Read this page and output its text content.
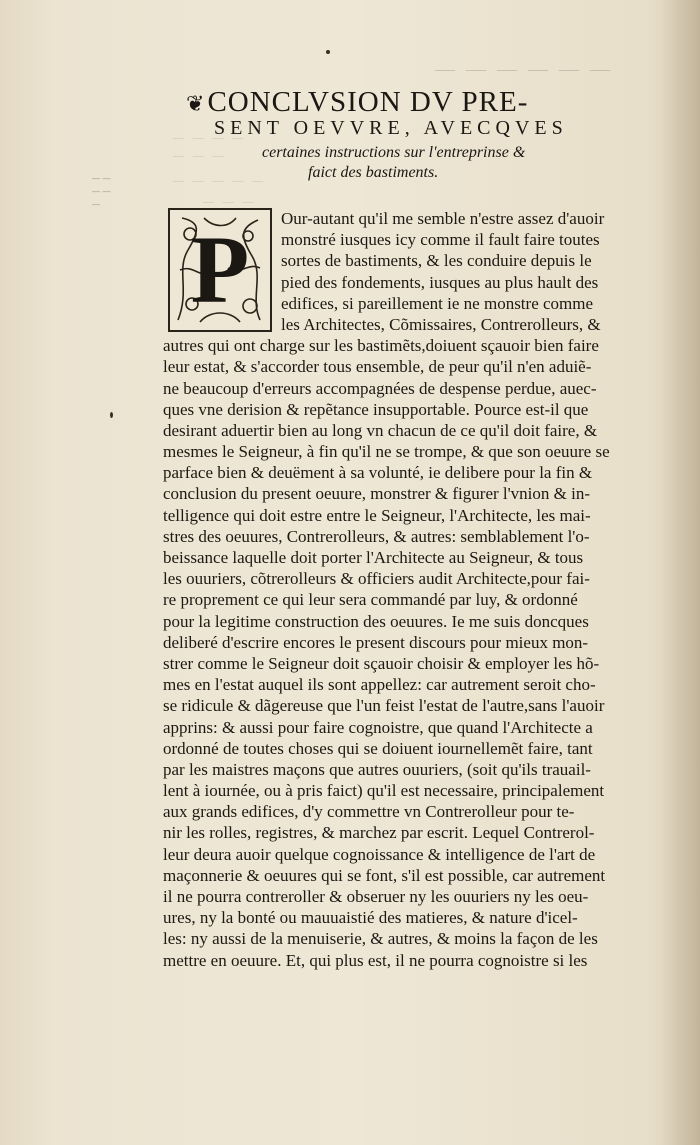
― ― ― ― ― ―
― ― ― ―
― ― ―
― ― ― ― ―
― ― ―
― ―
― ―
―
❦CONCLVSION DV PRE-
SENT OEVVRE, AVECQVES
certaines instructions sur l'entreprinse &
faict des bastiments.
P	Our-autant qu'il me semble n'estre assez d'auoir
monstré iusques icy comme il fault faire toutes
sortes de bastiments, & les conduire depuis le
pied des fondements, iusques au plus hault des
edifices, si pareillement ie ne monstre comme
les Architectes, Cõmissaires, Contrerolleurs, &
autres qui ont charge sur les bastimẽts,doiuent sçauoir bien faire
leur estat, & s'accorder tous ensemble, de peur qu'il n'en aduiẽ-
ne beaucoup d'erreurs accompagnées de despense perdue, auec-
ques vne derision & repẽtance insupportable. Pource est-il que
desirant aduertir bien au long vn chacun de ce qu'il doit faire, &
mesmes le Seigneur, à fin qu'il ne se trompe, & que son oeuure se
parface bien & deuëment à sa volunté, ie delibere pour la fin &
conclusion du present oeuure, monstrer & figurer l'vnion & in-
telligence qui doit estre entre le Seigneur, l'Architecte, les mai-
stres des oeuures, Contrerolleurs, & autres: semblablement l'o-
beissance laquelle doit porter l'Architecte au Seigneur, & tous
les ouuriers, cõtrerolleurs & officiers audit Architecte,pour fai-
re proprement ce qui leur sera commandé par luy, & ordonné
pour la legitime construction des oeuures. Ie me suis doncques
deliberé d'escrire encores le present discours pour mieux mon-
strer comme le Seigneur doit sçauoir choisir & employer les hõ-
mes en l'estat auquel ils sont appellez: car autrement seroit cho-
se ridicule & dãgereuse que l'un feist l'estat de l'autre,sans l'auoir
apprins: & aussi pour faire cognoistre, que quand l'Architecte a
ordonné de toutes choses qui se doiuent iournellemẽt faire, tant
par les maistres maçons que autres ouuriers, (soit qu'ils trauail-
lent à iournée, ou à pris faict) qu'il est necessaire, principalement
aux grands edifices, d'y commettre vn Contrerolleur pour te-
nir les rolles, registres, & marchez par escrit. Lequel Contrerol-
leur deura auoir quelque cognoissance & intelligence de l'art de
maçonnerie & oeuures qui se font, s'il est possible, car autrement
il ne pourra contreroller & obseruer ny les ouuriers ny les oeu-
ures, ny la bonté ou mauuaistié des matieres, & nature d'icel-
les: ny aussi de la menuiserie, & autres, & moins la façon de les
mettre en oeuure. Et, qui plus est, il ne pourra cognoistre si les
